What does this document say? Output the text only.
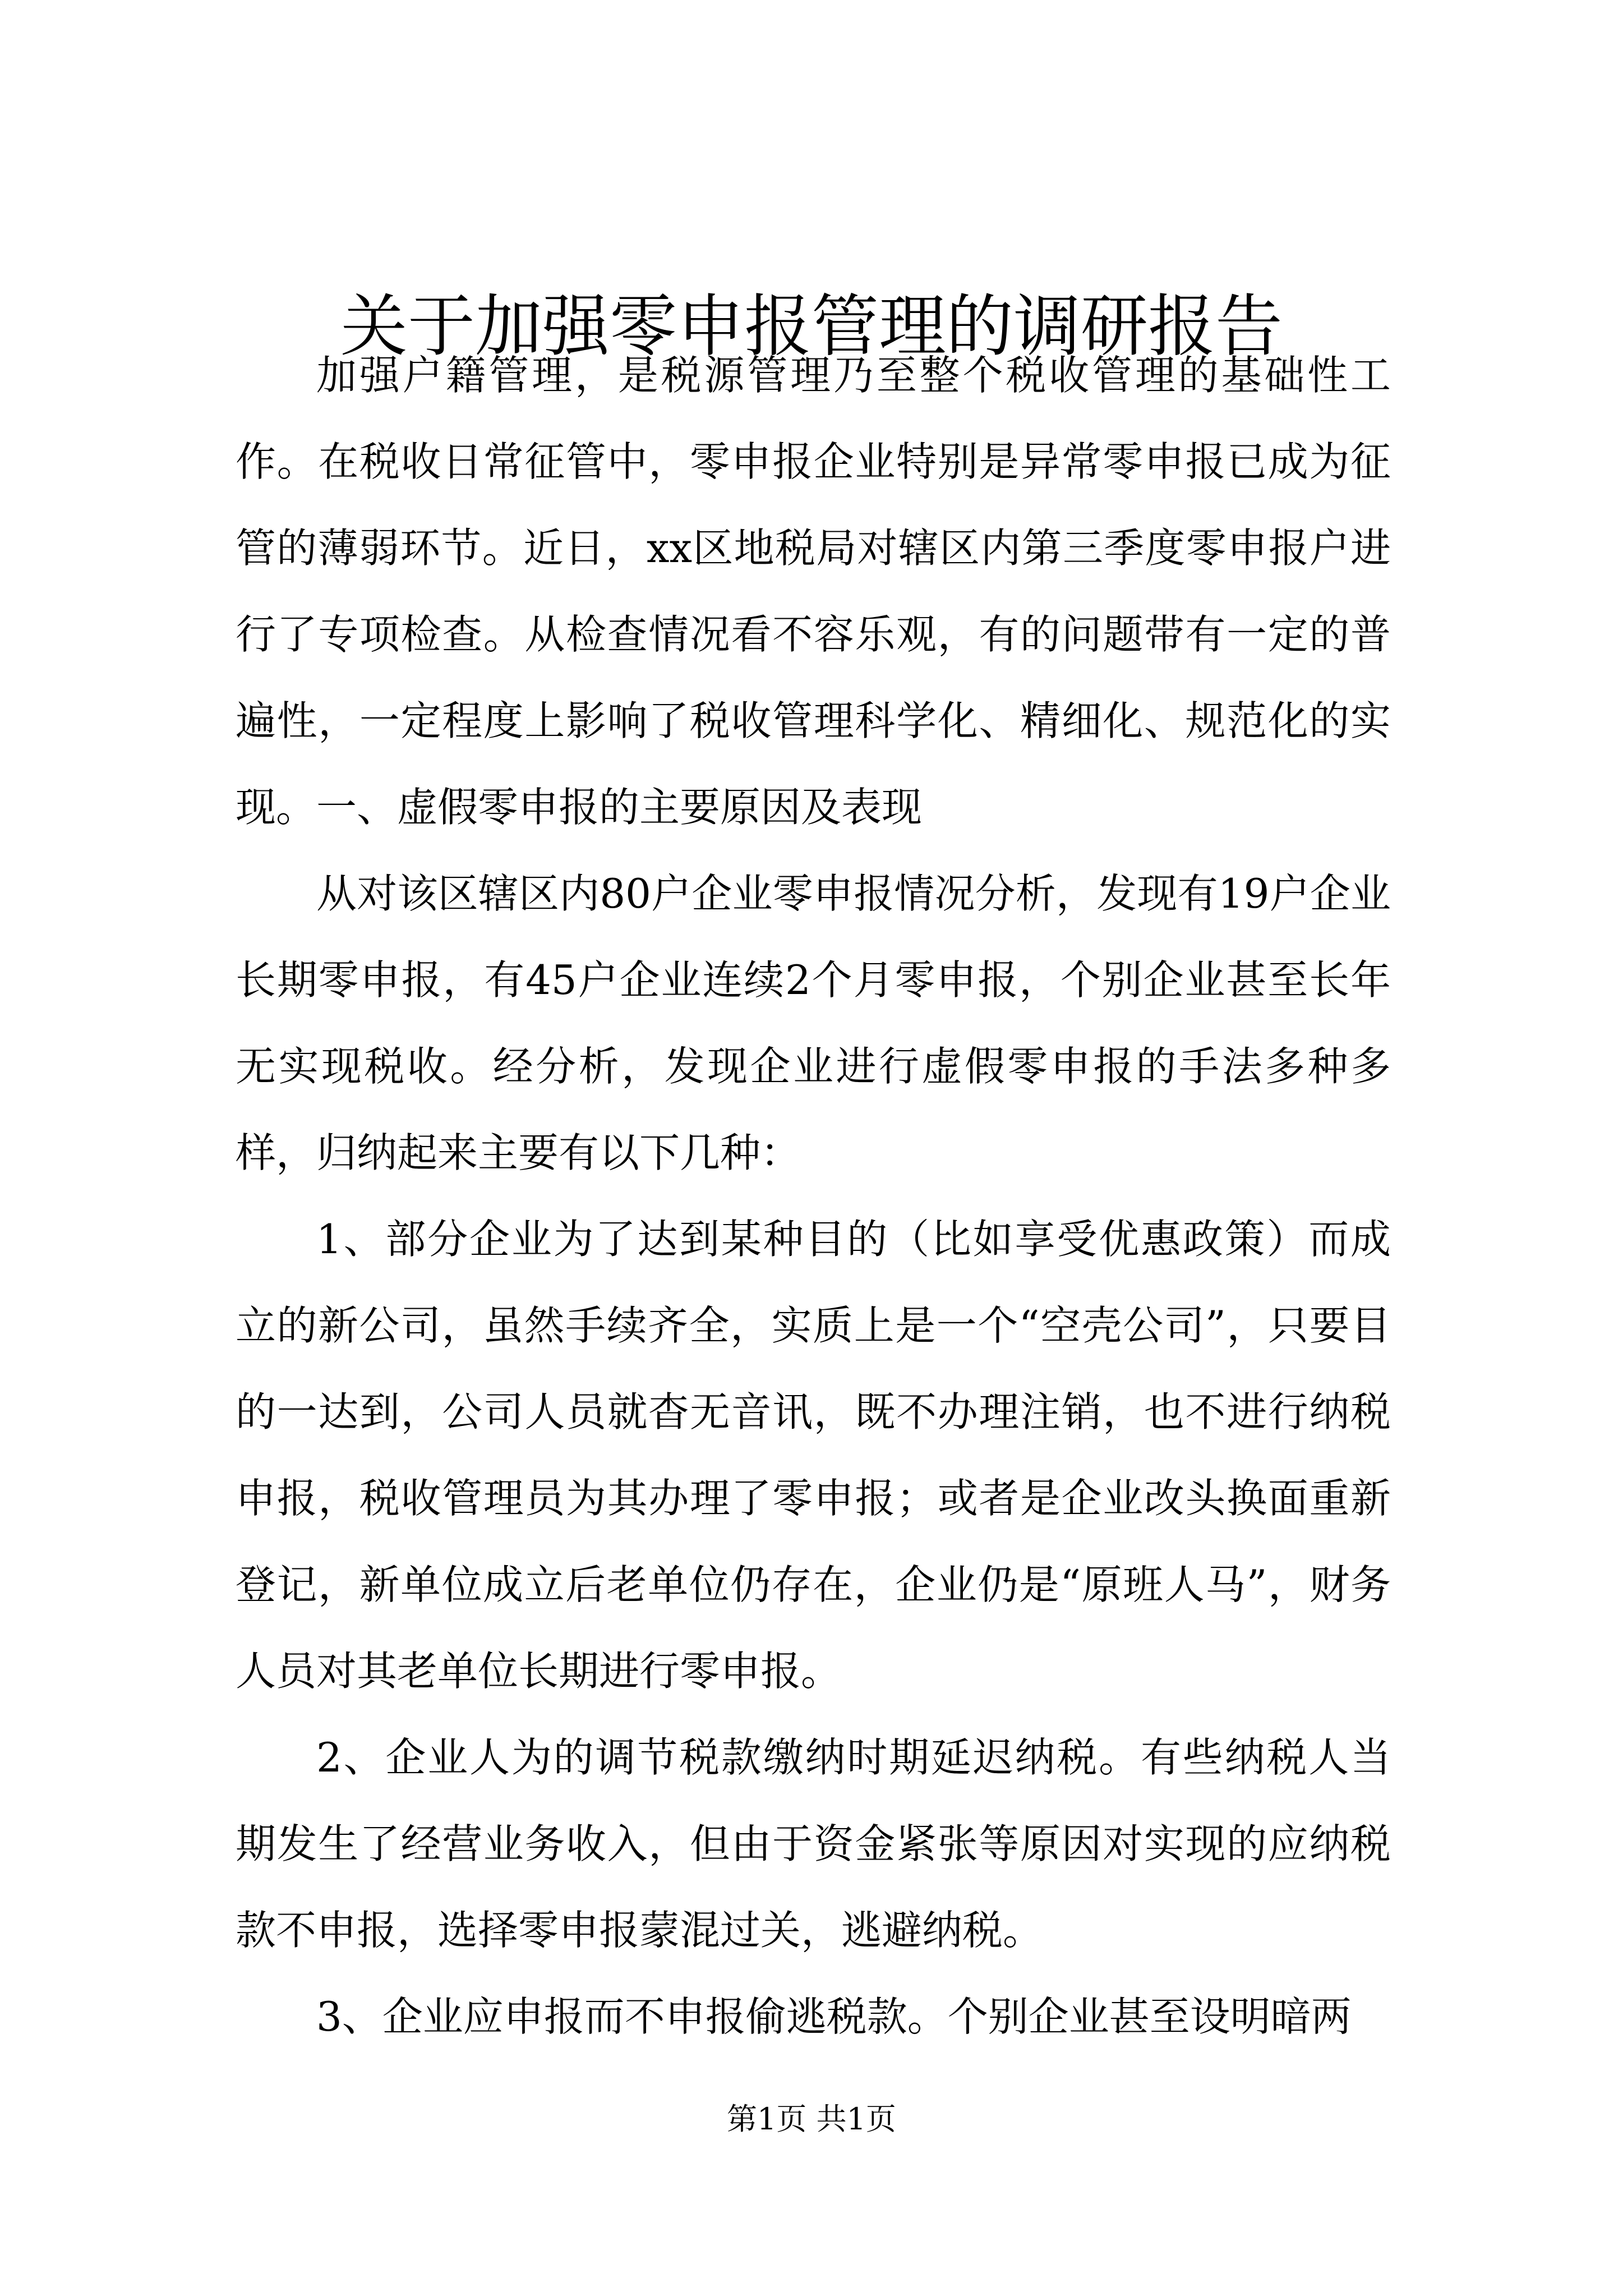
关于加强零申报管理的调研报告

加强户籍管理，是税源管理乃至整个税收管理的基础性工作。在税收日常征管中，零申报企业特别是异常零申报已成为征管的薄弱环节。近日，xx区地税局对辖区内第三季度零申报户进行了专项检查。从检查情况看不容乐观，有的问题带有一定的普遍性，一定程度上影响了税收管理科学化、精细化、规范化的实现。 一、虚假零申报的主要原因及表现

从对该区辖区内80户企业零申报情况分析，发现有19户企业长期零申报，有45户企业连续2个月零申报，个别企业甚至长年无实现税收。经分析，发现企业进行虚假零申报的手法多种多样，归纳起来主要有以下几种：

1、部分企业为了达到某种目的（比如享受优惠政策）而成立的新公司，虽然手续齐全，实质上是一个“空壳公司”，只要目的一达到，公司人员就杳无音讯，既不办理注销，也不进行纳税申报，税收管理员为其办理了零申报；或者是企业改头换面重新登记，新单位成立后老单位仍存在，企业仍是“原班人马”，财务人员对其老单位长期进行零申报。

2、企业人为的调节税款缴纳时期延迟纳税。有些纳税人当期发生了经营业务收入，但由于资金紧张等原因对实现的应纳税款不申报，选择零申报蒙混过关，逃避纳税。

3、企业应申报而不申报偷逃税款。个别企业甚至设明暗两

第1页 共1页
